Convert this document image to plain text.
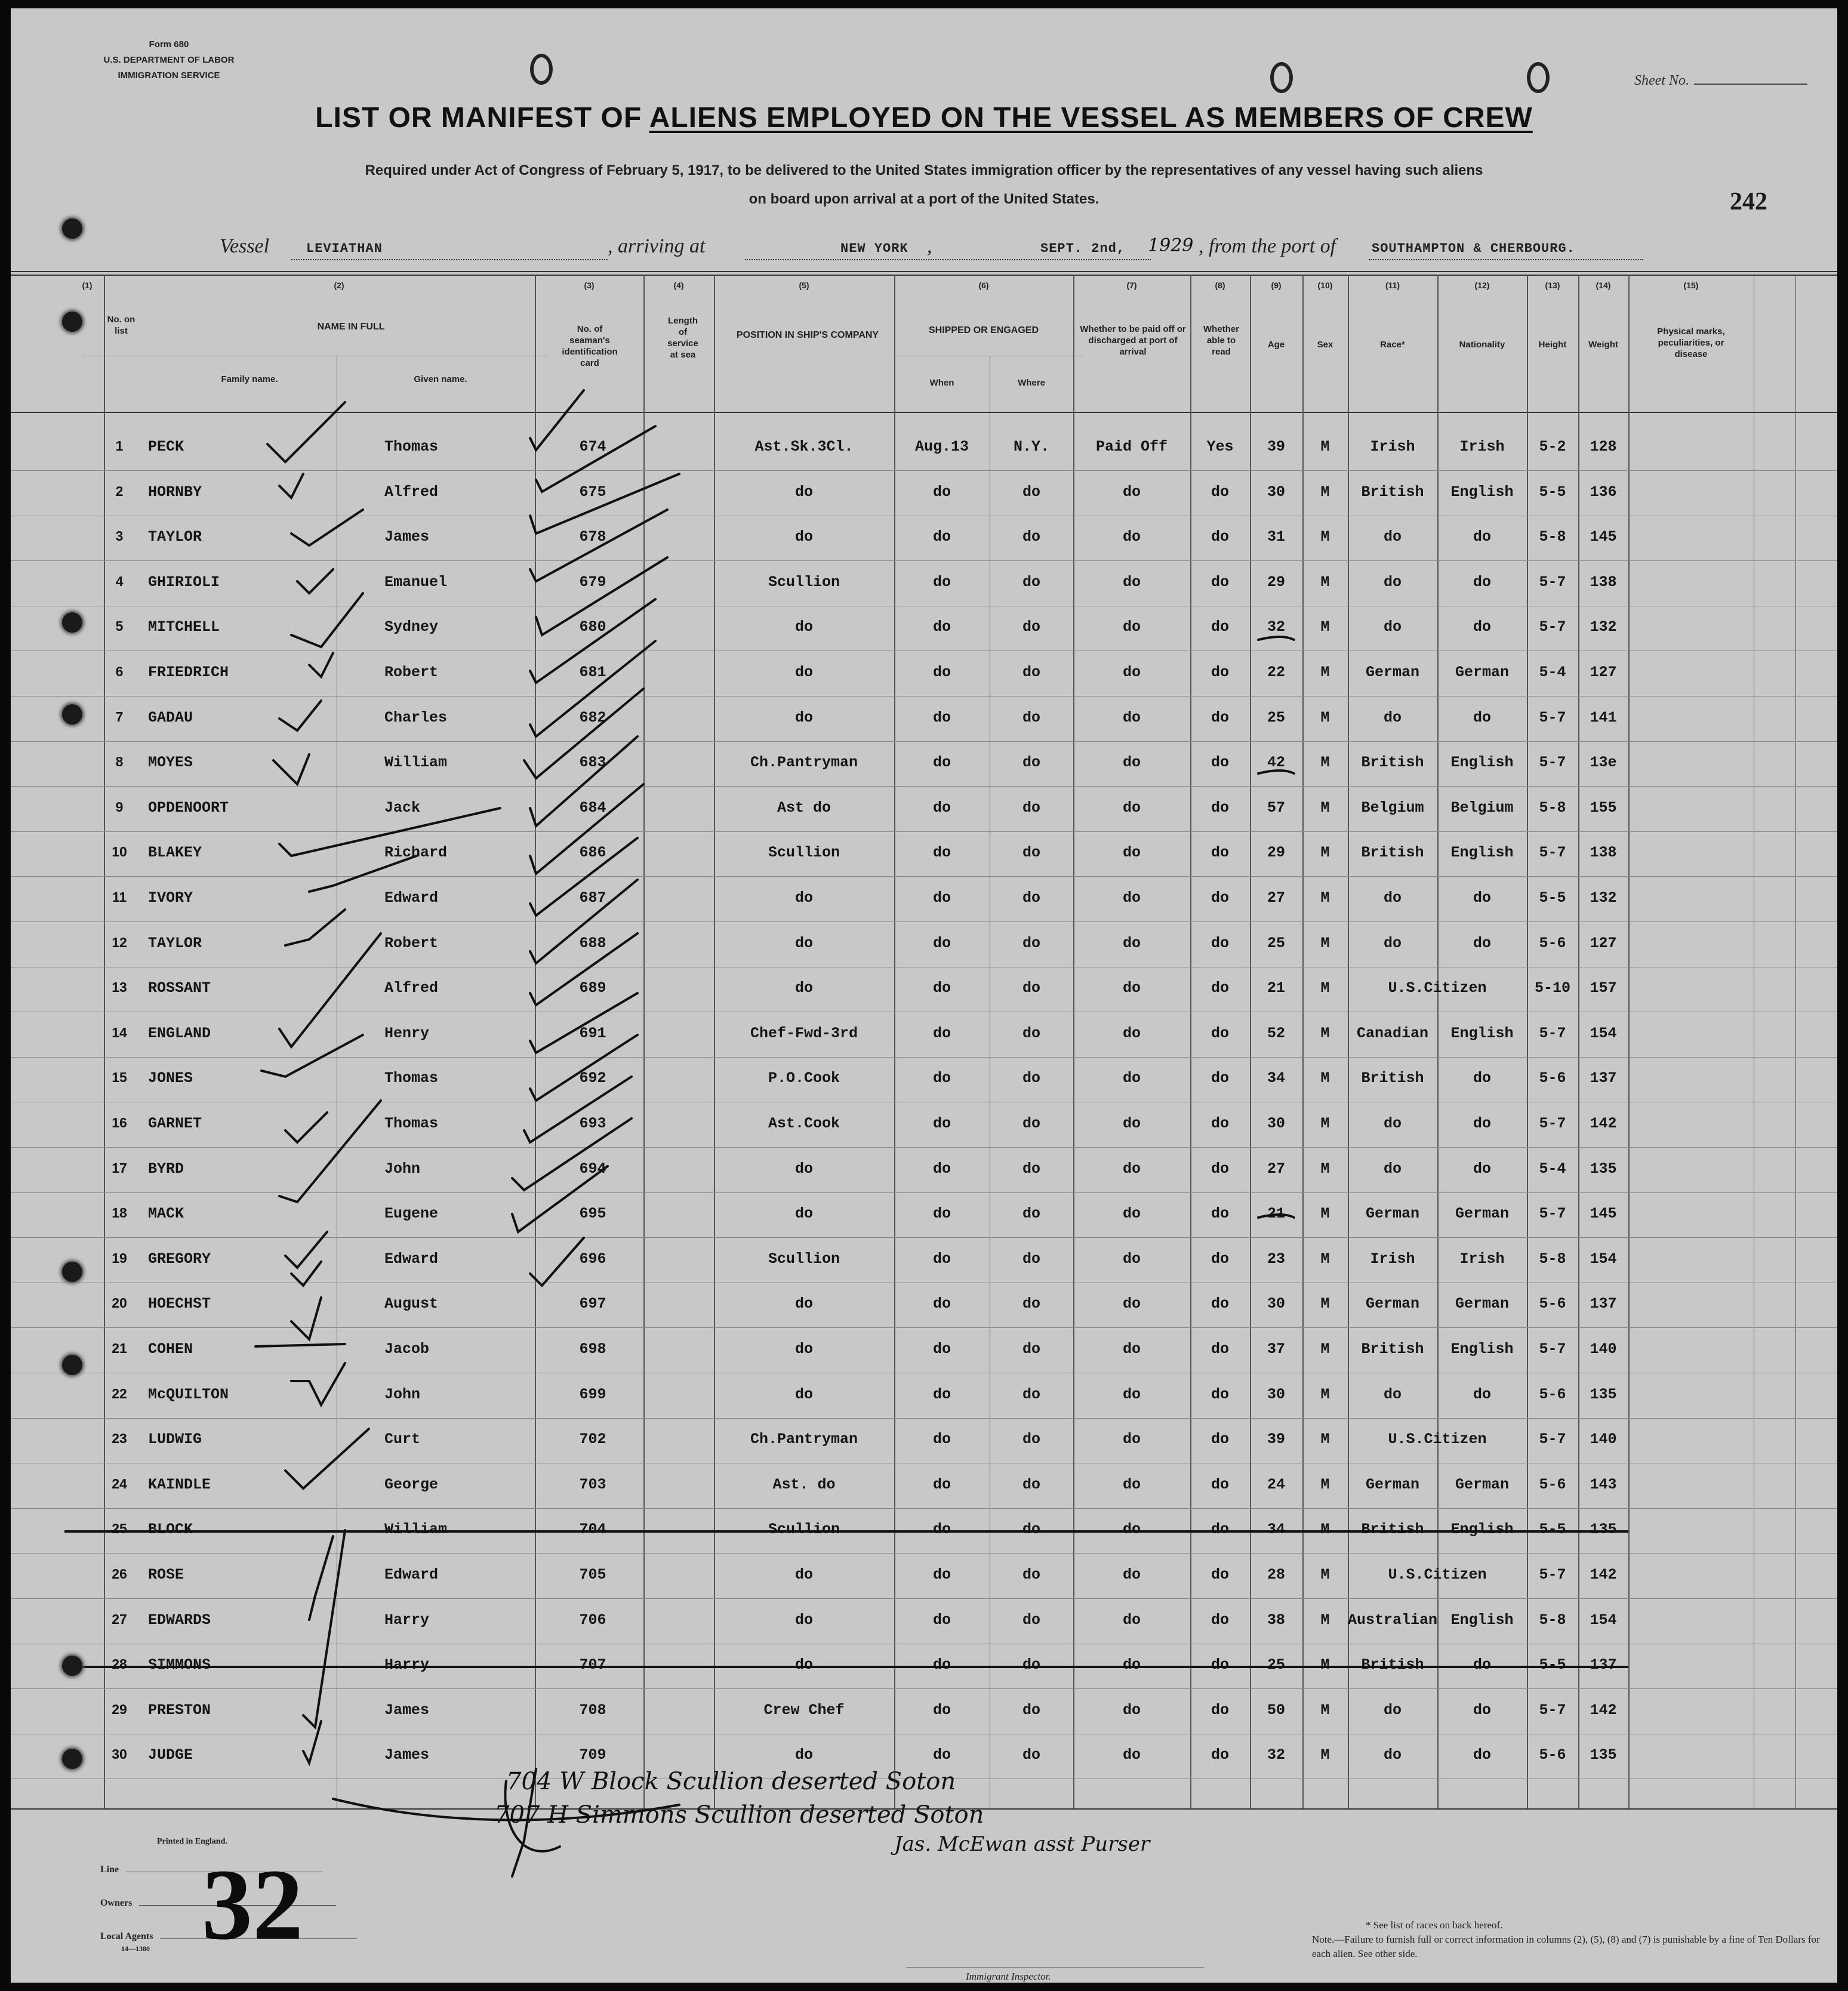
Form 680
U.S. DEPARTMENT OF LABOR
IMMIGRATION SERVICE	Sheet No.
LIST OR MANIFEST OF ALIENS EMPLOYED ON THE VESSEL AS MEMBERS OF CREW
Required under Act of Congress of February 5, 1917, to be delivered to the United States immigration officer by the representatives of any vessel having such aliens
on board upon arrival at a port of the United States.	242
Vessel	LEVIATHAN	, arriving at	NEW YORK ,	SEPT. 2nd, 1929 , from the port of	SOUTHAMPTON & CHERBOURG.
(1)	(2)	(3)	(4)	(5)	(6)	(7)	(8)	(9)	(10)	(11)	(12)	(13)	(14)	(15)
No. on list	NAME IN FULL
Family name.	Given name.
No. of seaman's identification card
Length of service at sea
POSITION IN SHIP'S COMPANY	SHIPPED OR ENGAGED
When	Where
Whether to be paid off or discharged at port of arrival
Whether able to read
Age	Sex	Race*	Nationality	Height	Weight
Physical marks, peculiarities, or disease
1	PECK	Thomas	674	Ast.Sk.3Cl.	Aug.13	N.Y.	Paid Off	Yes	39	M	Irish	Irish	5-2	128
2	HORNBY	Alfred	675	do	do	do	do	do	30	M	British	English	5-5	136
3	TAYLOR	James	678	do	do	do	do	do	31	M	do	do	5-8	145
4	GHIRIOLI	Emanuel	679	Scullion	do	do	do	do	29	M	do	do	5-7	138
5	MITCHELL	Sydney	680	do	do	do	do	do	32	M	do	do	5-7	132
6	FRIEDRICH	Robert	681	do	do	do	do	do	22	M	German	German	5-4	127
7	GADAU	Charles	682	do	do	do	do	do	25	M	do	do	5-7	141
8	MOYES	William	683	Ch.Pantryman	do	do	do	do	42	M	British	English	5-7	13e
9	OPDENOORT	Jack	684	Ast do	do	do	do	do	57	M	Belgium	Belgium	5-8	155
10	BLAKEY	Richard	686	Scullion	do	do	do	do	29	M	British	English	5-7	138
11	IVORY	Edward	687	do	do	do	do	do	27	M	do	do	5-5	132
12	TAYLOR	Robert	688	do	do	do	do	do	25	M	do	do	5-6	127
13	ROSSANT	Alfred	689	do	do	do	do	do	21	M	U.S.Citizen	5-10	157
14	ENGLAND	Henry	691	Chef-Fwd-3rd	do	do	do	do	52	M	Canadian	English	5-7	154
15	JONES	Thomas	692	P.O.Cook	do	do	do	do	34	M	British	do	5-6	137
16	GARNET	Thomas	693	Ast.Cook	do	do	do	do	30	M	do	do	5-7	142
17	BYRD	John	694	do	do	do	do	do	27	M	do	do	5-4	135
18	MACK	Eugene	695	do	do	do	do	do	21	M	German	German	5-7	145
19	GREGORY	Edward	696	Scullion	do	do	do	do	23	M	Irish	Irish	5-8	154
20	HOECHST	August	697	do	do	do	do	do	30	M	German	German	5-6	137
21	COHEN	Jacob	698	do	do	do	do	do	37	M	British	English	5-7	140
22	McQUILTON	John	699	do	do	do	do	do	30	M	do	do	5-6	135
23	LUDWIG	Curt	702	Ch.Pantryman	do	do	do	do	39	M	U.S.Citizen	5-7	140
24	KAINDLE	George	703	Ast. do	do	do	do	do	24	M	German	German	5-6	143
25	BLOCK	William	704	Scullion	do	do	do	do	34	M	British	English	5-5	135
26	ROSE	Edward	705	do	do	do	do	do	28	M	U.S.Citizen	5-7	142
27	EDWARDS	Harry	706	do	do	do	do	do	38	M	Australian English	5-8	154
28	SIMMONS	Harry	707	do	do	do	do	do	25	M	British	do	5-5	137
29	PRESTON	James	708	Crew Chef	do	do	do	do	50	M	do	do	5-7	142
30	JUDGE	James	709	do	do	do	do	do	32	M	do	do	5-6	135
704 W Block Scullion deserted Soton
707 H Simmons Scullion deserted Soton
Jas. McEwan asst Purser
Printed in England.
Line
Owners
Local Agents
14—1380 32
Immigrant Inspector.
* See list of races on back hereof.
Note.—Failure to furnish full or correct information in columns (2), (5), (8) and (7) is punishable by a fine of Ten Dollars for each alien. See other side.
